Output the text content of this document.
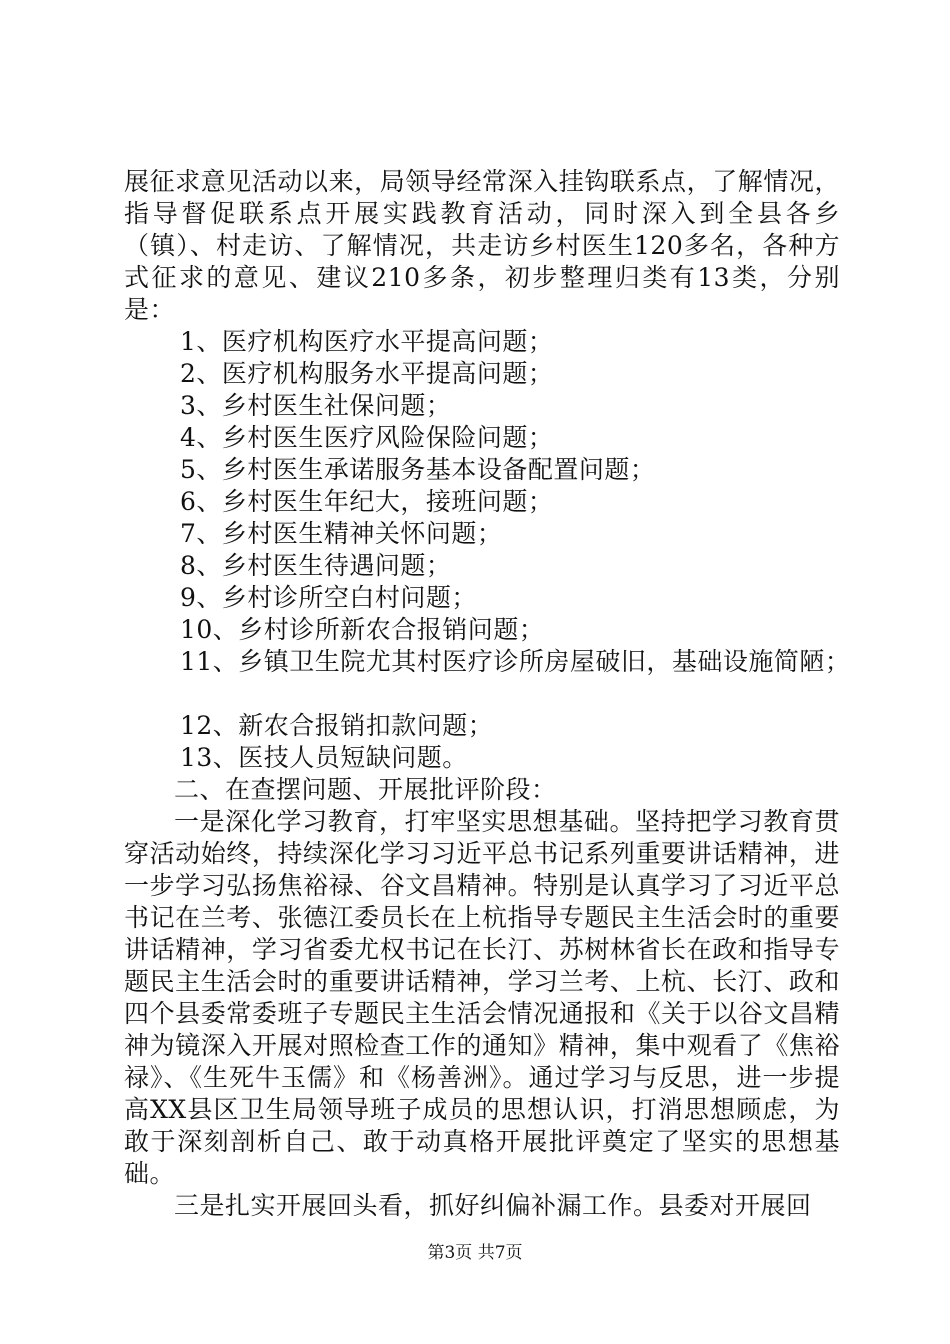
展征求意见活动以来，局领导经常深入挂钩联系点，了解情况，指导督促联系点开展实践教育活动，同时深入到全县各乡（镇）、村走访、了解情况，共走访乡村医生120多名，各种方式征求的意见、建议210多条，初步整理归类有13类，分别是：

1、医疗机构医疗水平提高问题；

2、医疗机构服务水平提高问题；

3、乡村医生社保问题；

4、乡村医生医疗风险保险问题；

5、乡村医生承诺服务基本设备配置问题；

6、乡村医生年纪大，接班问题；

7、乡村医生精神关怀问题；

8、乡村医生待遇问题；

9、乡村诊所空白村问题；

10、乡村诊所新农合报销问题；

11、乡镇卫生院尤其村医疗诊所房屋破旧，基础设施简陋；

12、新农合报销扣款问题；

13、医技人员短缺问题。

二、在查摆问题、开展批评阶段：

一是深化学习教育，打牢坚实思想基础。坚持把学习教育贯穿活动始终，持续深化学习习近平总书记系列重要讲话精神，进一步学习弘扬焦裕禄、谷文昌精神。特别是认真学习了习近平总书记在兰考、张德江委员长在上杭指导专题民主生活会时的重要讲话精神，学习省委尤权书记在长汀、苏树林省长在政和指导专题民主生活会时的重要讲话精神，学习兰考、上杭、长汀、政和四个县委常委班子专题民主生活会情况通报和《关于以谷文昌精神为镜深入开展对照检查工作的通知》精神，集中观看了《焦裕禄》、《生死牛玉儒》和《杨善洲》。通过学习与反思，进一步提高XX县区卫生局领导班子成员的思想认识，打消思想顾虑，为敢于深刻剖析自己、敢于动真格开展批评奠定了坚实的思想基础。

三是扎实开展回头看，抓好纠偏补漏工作。县委对开展回

第3页 共7页
